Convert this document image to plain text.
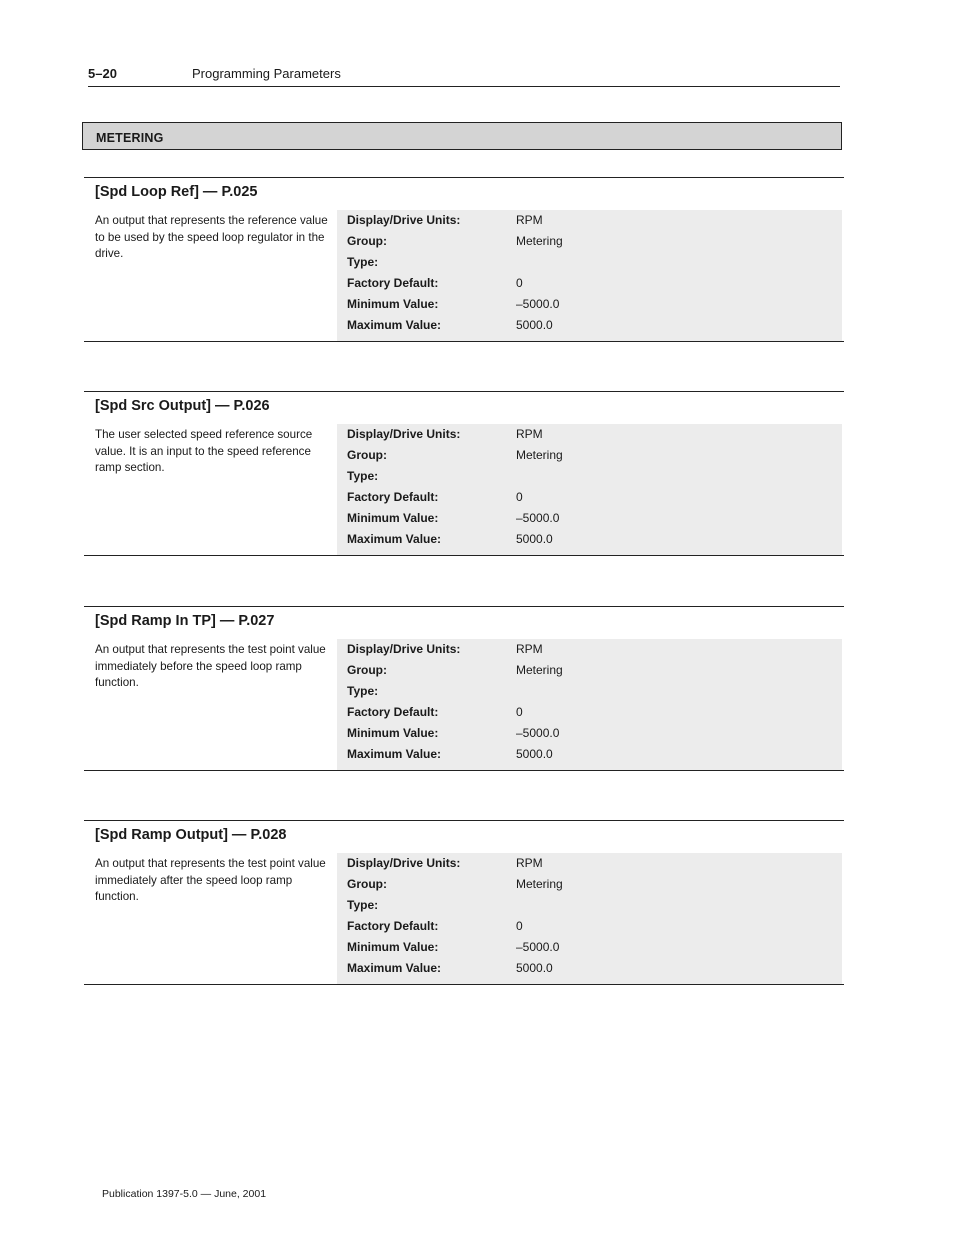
5–20	Programming Parameters
METERING
[Spd Loop Ref] — P.025
An output that represents the reference value to be used by the speed loop regulator in the drive.
Display/Drive Units:	RPM
Group:	Metering
Type:
Factory Default:	0
Minimum Value:	–5000.0
Maximum Value:	5000.0
[Spd Src Output] — P.026
The user selected speed reference source value. It is an input to the speed reference ramp section.
Display/Drive Units:	RPM
Group:	Metering
Type:
Factory Default:	0
Minimum Value:	–5000.0
Maximum Value:	5000.0
[Spd Ramp In TP] — P.027
An output that represents the test point value immediately before the speed loop ramp function.
Display/Drive Units:	RPM
Group:	Metering
Type:
Factory Default:	0
Minimum Value:	–5000.0
Maximum Value:	5000.0
[Spd Ramp Output] — P.028
An output that represents the test point value immediately after the speed loop ramp function.
Display/Drive Units:	RPM
Group:	Metering
Type:
Factory Default:	0
Minimum Value:	–5000.0
Maximum Value:	5000.0
Publication 1397-5.0 — June, 2001
